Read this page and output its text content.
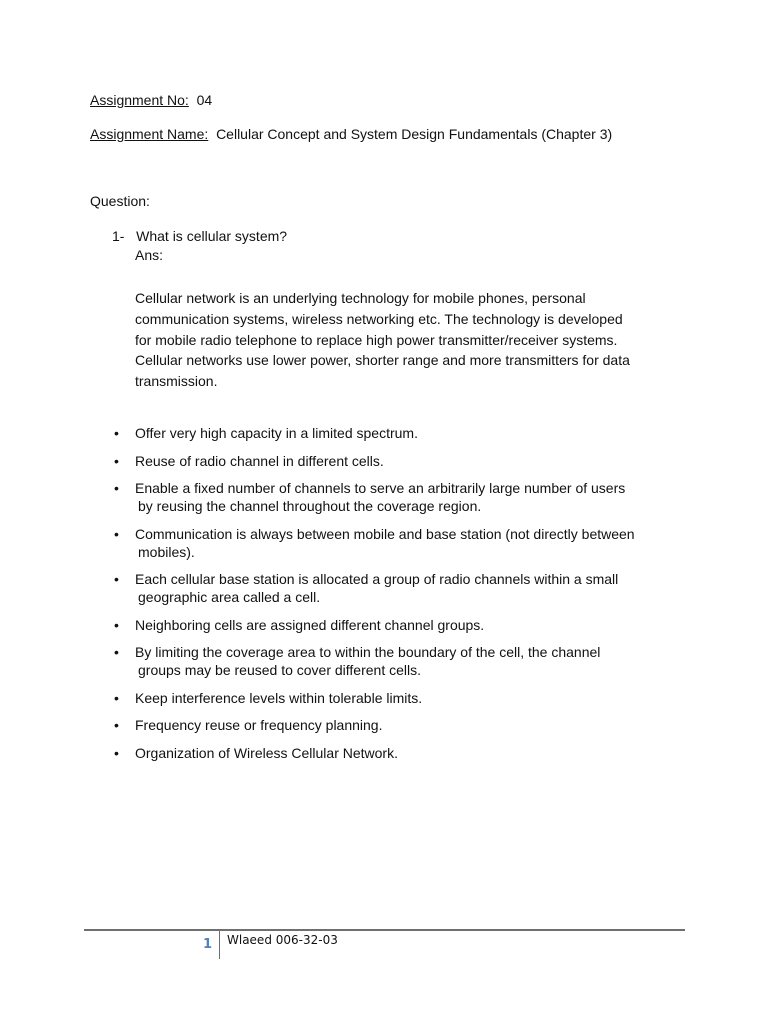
Assignment No: 04
Assignment Name: Cellular Concept and System Design Fundamentals (Chapter 3)
Question:
1- What is cellular system?
Ans:
Cellular network is an underlying technology for mobile phones, personal
communication systems, wireless networking etc. The technology is developed
for mobile radio telephone to replace high power transmitter/receiver systems.
Cellular networks use lower power, shorter range and more transmitters for data
transmission.
• Offer very high capacity in a limited spectrum.
• Reuse of radio channel in different cells.
• Enable a fixed number of channels to serve an arbitrarily large number of users
by reusing the channel throughout the coverage region.
• Communication is always between mobile and base station (not directly between
mobiles).
• Each cellular base station is allocated a group of radio channels within a small
geographic area called a cell.
• Neighboring cells are assigned different channel groups.
• By limiting the coverage area to within the boundary of the cell, the channel
groups may be reused to cover different cells.
• Keep interference levels within tolerable limits.
• Frequency reuse or frequency planning.
• Organization of Wireless Cellular Network.
1 Wlaeed 006-32-03
